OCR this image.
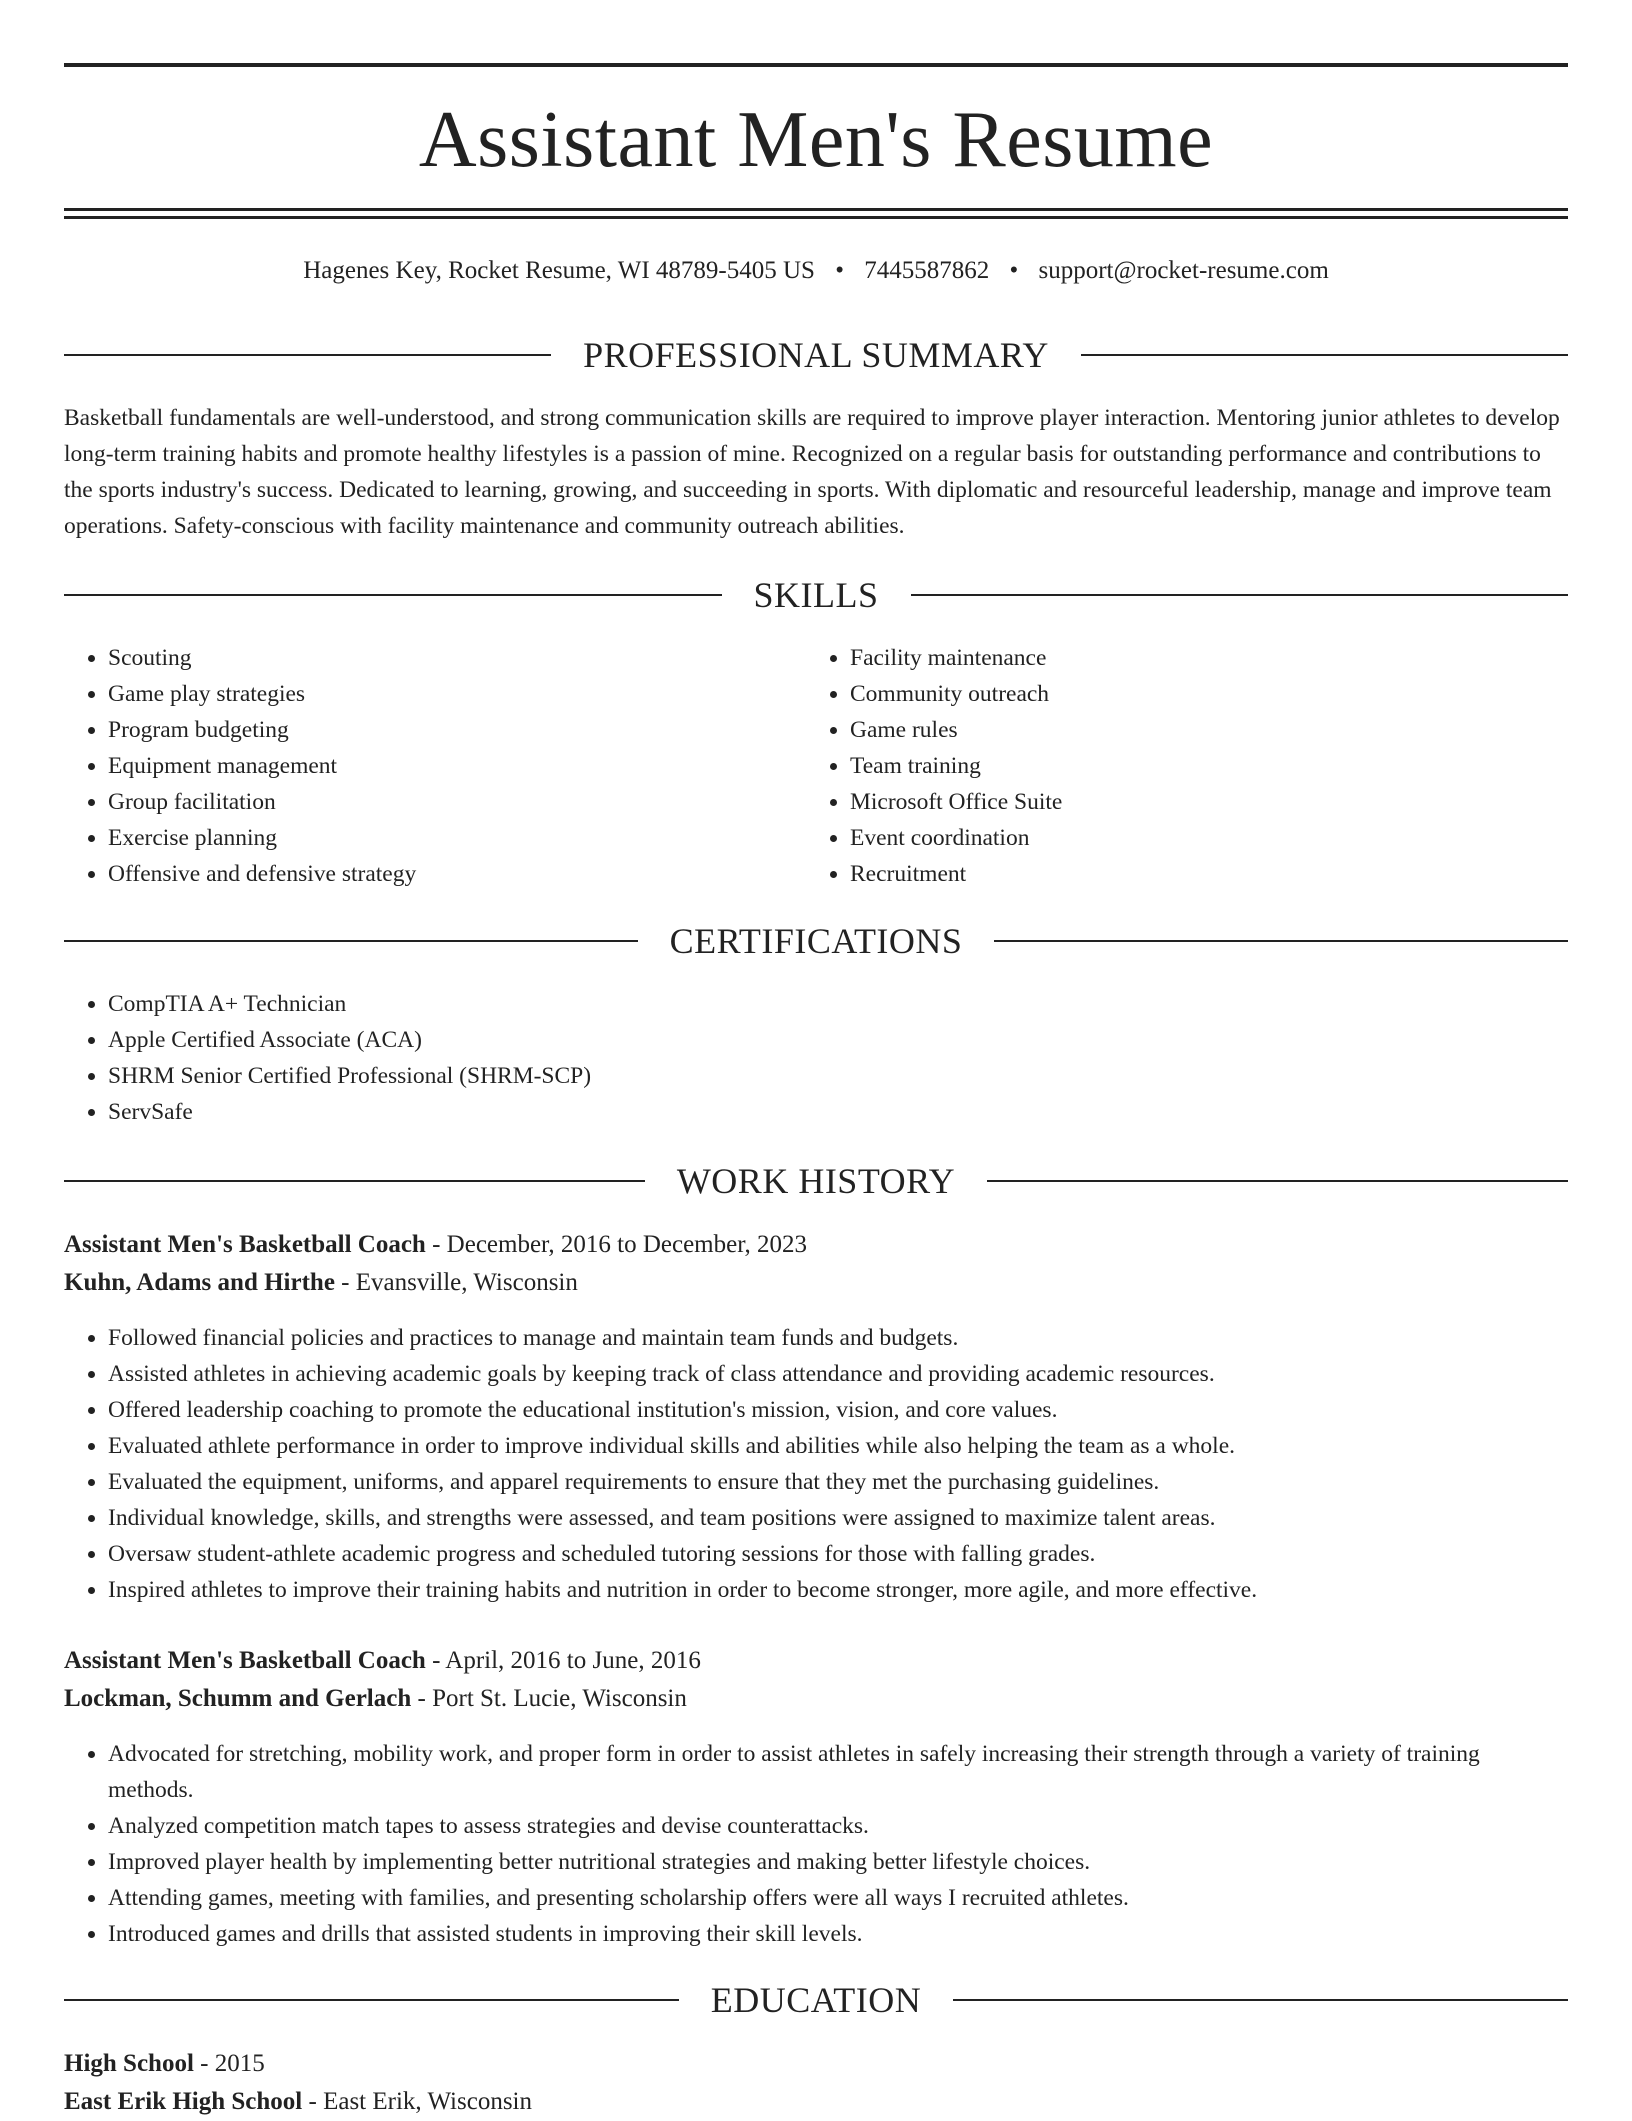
Assistant Men's Resume
Hagenes Key, Rocket Resume, WI 48789-5405 US • 7445587862 • support@rocket-resume.com
PROFESSIONAL SUMMARY

Basketball fundamentals are well-understood, and strong communication skills are required to improve player interaction. Mentoring junior athletes to develop long-term training habits and promote healthy lifestyles is a passion of mine. Recognized on a regular basis for outstanding performance and contributions to the sports industry's success. Dedicated to learning, growing, and succeeding in sports. With diplomatic and resourceful leadership, manage and improve team operations. Safety-conscious with facility maintenance and community outreach abilities.

SKILLS
• Scouting
• Game play strategies
• Program budgeting
• Equipment management
• Group facilitation
• Exercise planning
• Offensive and defensive strategy
• Facility maintenance
• Community outreach
• Game rules
• Team training
• Microsoft Office Suite
• Event coordination
• Recruitment
CERTIFICATIONS
• CompTIA A+ Technician
• Apple Certified Associate (ACA)
• SHRM Senior Certified Professional (SHRM-SCP)
• ServSafe
WORK HISTORY
Assistant Men's Basketball Coach - December, 2016 to December, 2023
Kuhn, Adams and Hirthe - Evansville, Wisconsin
• Followed financial policies and practices to manage and maintain team funds and budgets.
• Assisted athletes in achieving academic goals by keeping track of class attendance and providing academic resources.
• Offered leadership coaching to promote the educational institution's mission, vision, and core values.
• Evaluated athlete performance in order to improve individual skills and abilities while also helping the team as a whole.
• Evaluated the equipment, uniforms, and apparel requirements to ensure that they met the purchasing guidelines.
• Individual knowledge, skills, and strengths were assessed, and team positions were assigned to maximize talent areas.
• Oversaw student-athlete academic progress and scheduled tutoring sessions for those with falling grades.
• Inspired athletes to improve their training habits and nutrition in order to become stronger, more agile, and more effective.
Assistant Men's Basketball Coach - April, 2016 to June, 2016
Lockman, Schumm and Gerlach - Port St. Lucie, Wisconsin
• Advocated for stretching, mobility work, and proper form in order to assist athletes in safely increasing their strength through a variety of training methods.
• Analyzed competition match tapes to assess strategies and devise counterattacks.
• Improved player health by implementing better nutritional strategies and making better lifestyle choices.
• Attending games, meeting with families, and presenting scholarship offers were all ways I recruited athletes.
• Introduced games and drills that assisted students in improving their skill levels.
EDUCATION
High School - 2015
East Erik High School - East Erik, Wisconsin
